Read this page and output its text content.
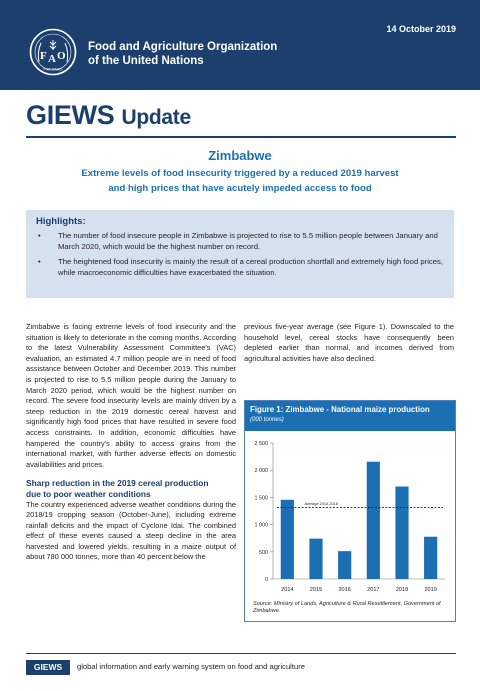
F A O
FIAT PANIS
Food and Agriculture Organization
of the United Nations
14 October 2019
GIEWS Update
Zimbabwe
Extreme levels of food insecurity triggered by a reduced 2019 harvest
and high prices that have acutely impeded access to food
Highlights:
• The number of food insecure people in Zimbabwe is projected to rise to 5.5 million people between January and March 2020, which would be the highest number on record.
• The heightened food insecurity is mainly the result of a cereal production shortfall and extremely high food prices, while macroeconomic difficulties have exacerbated the situation.

Zimbabwe is facing extreme levels of food insecurity and the situation is likely to deteriorate in the coming months. According to the latest Vulnerability Assessment Committee's (VAC) evaluation, an estimated 4.7 million people are in need of food assistance between October and December 2019. This number is projected to rise to 5.5 million people during the January to March 2020 period, which would be the highest number on record. The severe food insecurity levels are mainly driven by a steep reduction in the 2019 domestic cereal harvest and significantly high food prices that have resulted in severe food access constraints. In addition, economic difficulties have hampered the country's ability to access grains from the international market, with further adverse effects on domestic availabilities and prices.

Sharp reduction in the 2019 cereal production
due to poor weather conditions

The country experienced adverse weather conditions during the 2018/19 cropping season (October-June), including extreme rainfall deficits and the impact of Cyclone Idai. The combined effect of these events caused a steep decline in the area harvested and lowered yields, resulting in a maize output of about 780 000 tonnes, more than 40 percent below the

previous five-year average (see Figure 1). Downscaled to the household level, cereal stocks have consequently been depleted earlier than normal, and incomes derived from agricultural activities have also declined.

Figure 1: Zimbabwe - National maize production
(000 tonnes)
0
500
1 000
1 500
2 000
2 500
2014	2015	2016	2017	2018	2019
Average 2014-2018
Source: Ministry of Lands, Agriculture & Rural Resettlement, Government of Zimbabwe.
GIEWS	global information and early warning system on food and agriculture
